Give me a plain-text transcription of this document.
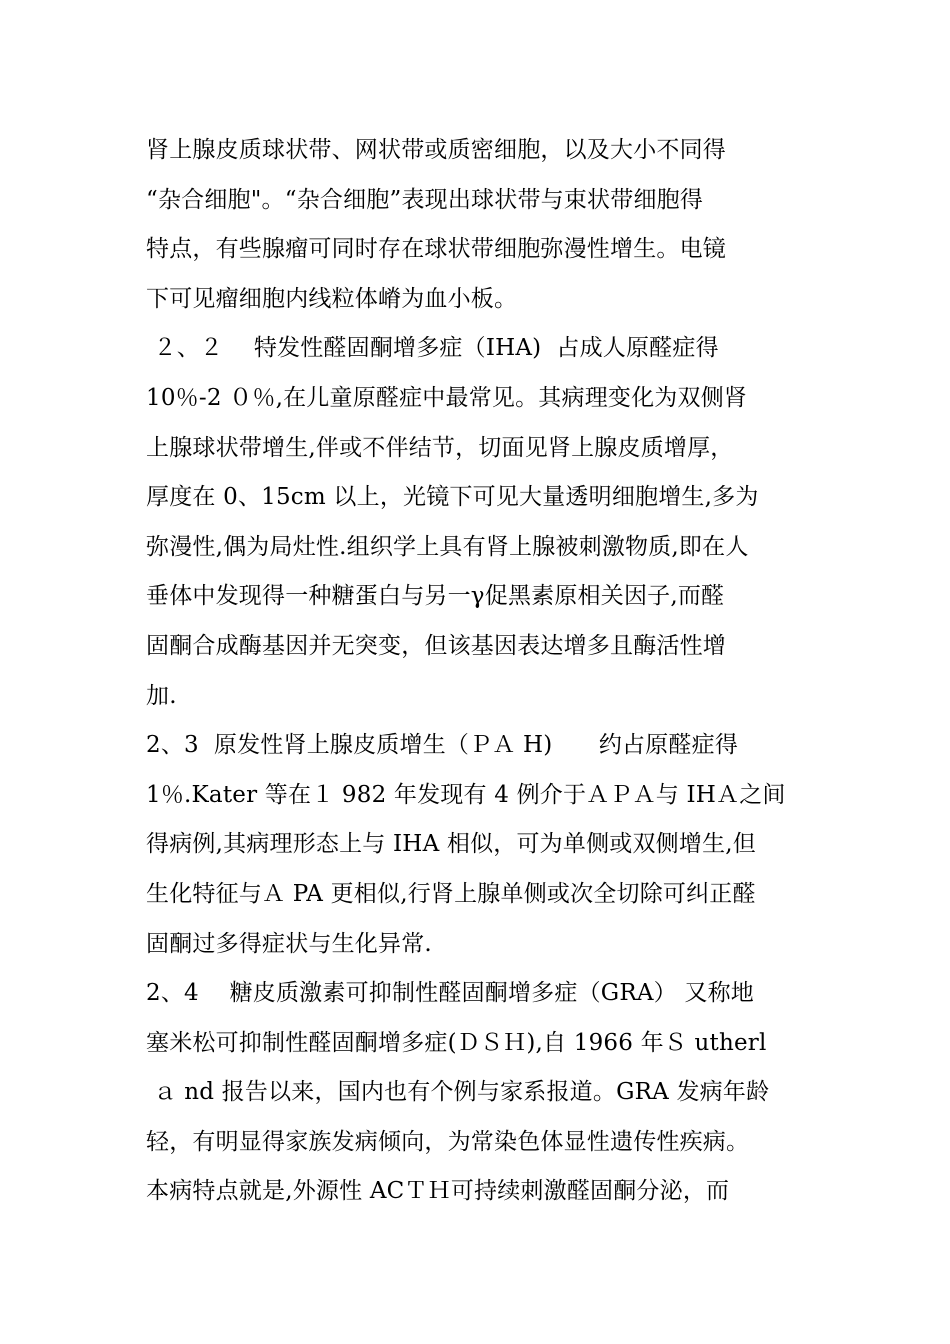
肾上腺皮质球状带、网状带或质密细胞，以及大小不同得
“杂合细胞"。“杂合细胞”表现出球状带与束状带细胞得
特点，有些腺瘤可同时存在球状带细胞弥漫性增生。电镜
下可见瘤细胞内线粒体嵴为血小板。
２、２　 特发性醛固酮增多症（IHA)  占成人原醛症得
10％-2 ０％,在儿童原醛症中最常见。其病理变化为双侧肾
上腺球状带增生,伴或不伴结节，切面见肾上腺皮质增厚，
厚度在 0、15cm 以上，光镜下可见大量透明细胞增生,多为
弥漫性,偶为局灶性.组织学上具有肾上腺被刺激物质,即在人
垂体中发现得一种糖蛋白与另一γ促黑素原相关因子,而醛
固酮合成酶基因并无突变，但该基因表达增多且酶活性增
加.
2、3  原发性肾上腺皮质增生（ＰＡ H)　　约占原醛症得
1％.Kater 等在１ 982 年发现有 4 例介于ＡＰＡ与 IHＡ之间
得病例,其病理形态上与 IHA 相似，可为单侧或双侧增生,但
生化特征与Ａ PA 更相似,行肾上腺单侧或次全切除可纠正醛
固酮过多得症状与生化异常.
2、4　 糖皮质激素可抑制性醛固酮增多症（GRA） 又称地
塞米松可抑制性醛固酮增多症(ＤＳＨ),自 1966 年Ｓ utherl
ａ nd 报告以来，国内也有个例与家系报道。GRA 发病年龄
轻，有明显得家族发病倾向，为常染色体显性遗传性疾病。
本病特点就是,外源性 ACＴＨ可持续刺激醛固酮分泌，而
